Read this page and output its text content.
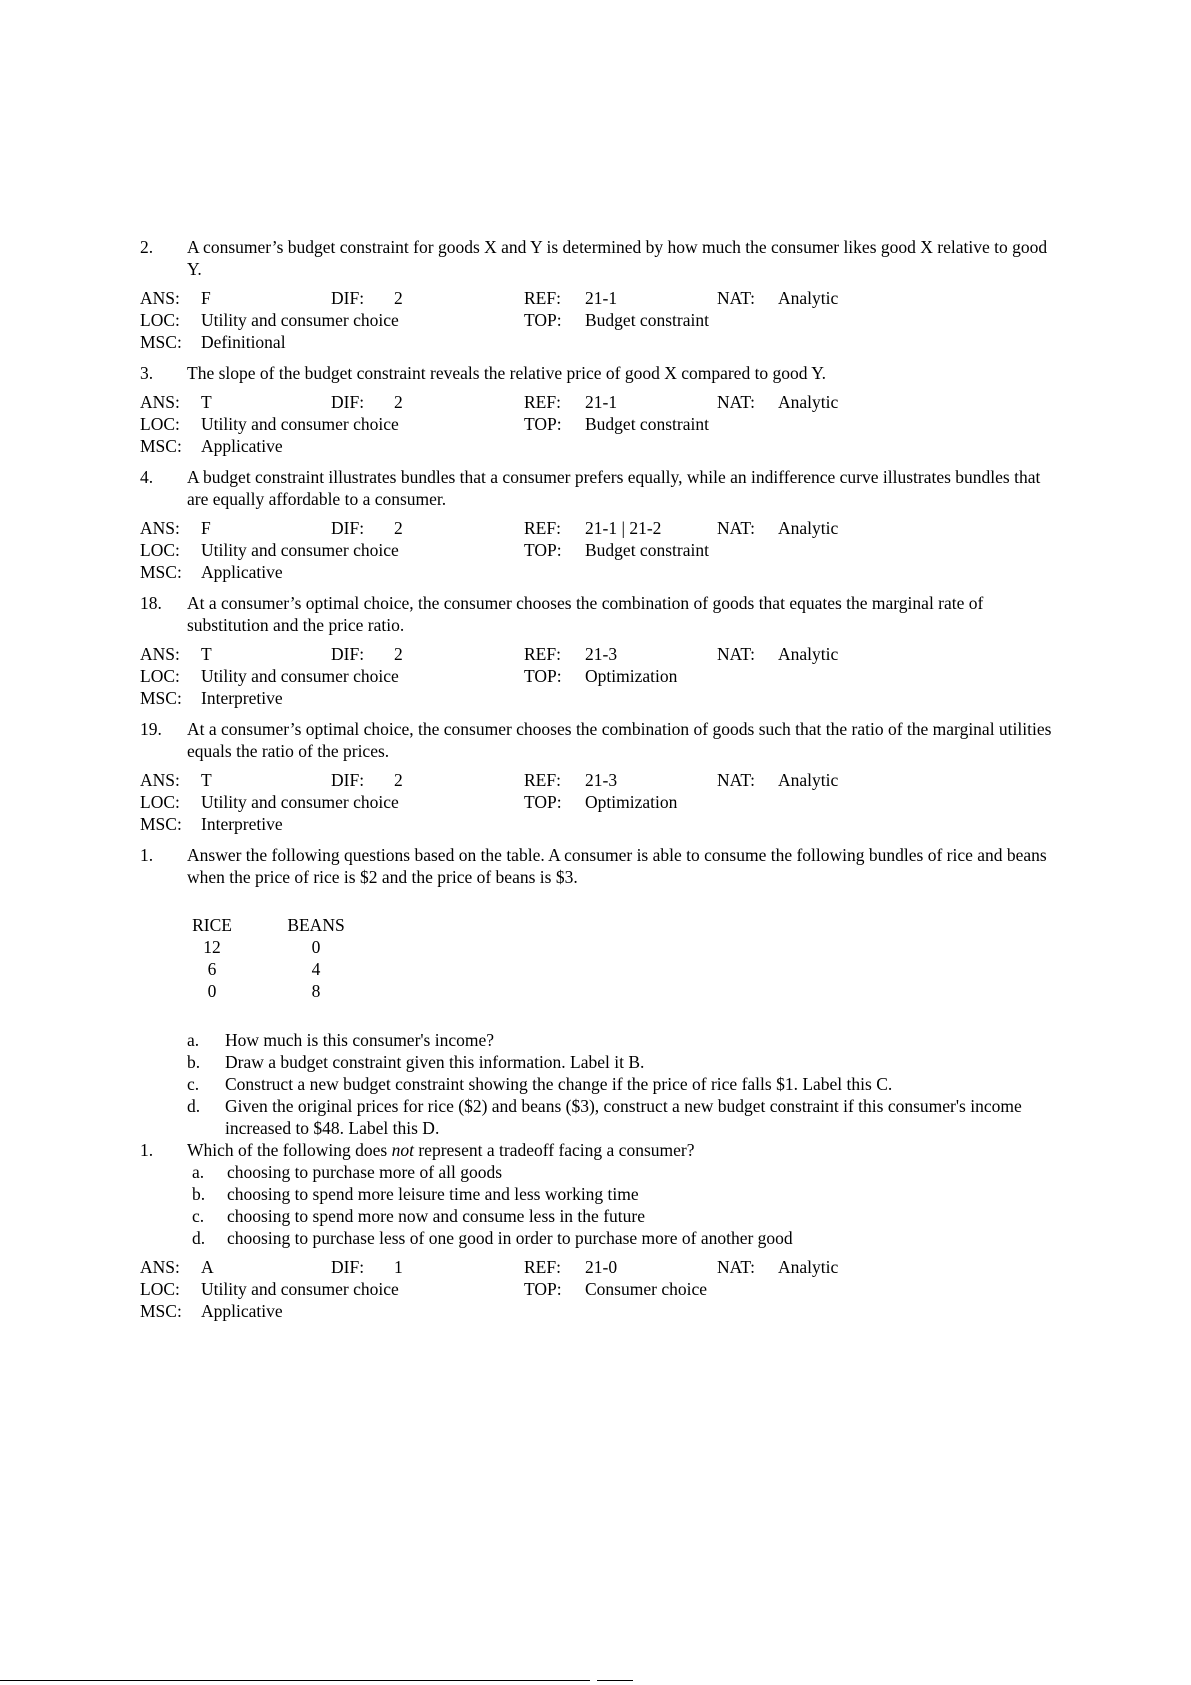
2. A consumer’s budget constraint for goods X and Y is determined by how much the consumer likes good X relative to good Y.
ANS: F	DIF: 2	REF: 21-1	NAT: Analytic
LOC: Utility and consumer choice	TOP: Budget constraint
MSC: Definitional
3. The slope of the budget constraint reveals the relative price of good X compared to good Y.
ANS: T	DIF: 2	REF: 21-1	NAT: Analytic
LOC: Utility and consumer choice	TOP: Budget constraint
MSC: Applicative
4. A budget constraint illustrates bundles that a consumer prefers equally, while an indifference curve illustrates bundles that are equally affordable to a consumer.
ANS: F	DIF: 2	REF: 21-1 | 21-2	NAT: Analytic
LOC: Utility and consumer choice	TOP: Budget constraint
MSC: Applicative
18. At a consumer’s optimal choice, the consumer chooses the combination of goods that equates the marginal rate of substitution and the price ratio.
ANS: T	DIF: 2	REF: 21-3	NAT: Analytic
LOC: Utility and consumer choice	TOP: Optimization
MSC: Interpretive
19. At a consumer’s optimal choice, the consumer chooses the combination of goods such that the ratio of the marginal utilities equals the ratio of the prices.
ANS: T	DIF: 2	REF: 21-3	NAT: Analytic
LOC: Utility and consumer choice	TOP: Optimization
MSC: Interpretive
1. Answer the following questions based on the table. A consumer is able to consume the following bundles of rice and beans when the price of rice is $2 and the price of beans is $3.
RICE	BEANS
12	0
6	4
0	8
a. How much is this consumer's income?
b. Draw a budget constraint given this information. Label it B.
c. Construct a new budget constraint showing the change if the price of rice falls $1. Label this C.
d. Given the original prices for rice ($2) and beans ($3), construct a new budget constraint if this consumer's income increased to $48. Label this D.
1. Which of the following does not represent a tradeoff facing a consumer?
a. choosing to purchase more of all goods
b. choosing to spend more leisure time and less working time
c. choosing to spend more now and consume less in the future
d. choosing to purchase less of one good in order to purchase more of another good
ANS: A	DIF: 1	REF: 21-0	NAT: Analytic
LOC: Utility and consumer choice	TOP: Consumer choice
MSC: Applicative
